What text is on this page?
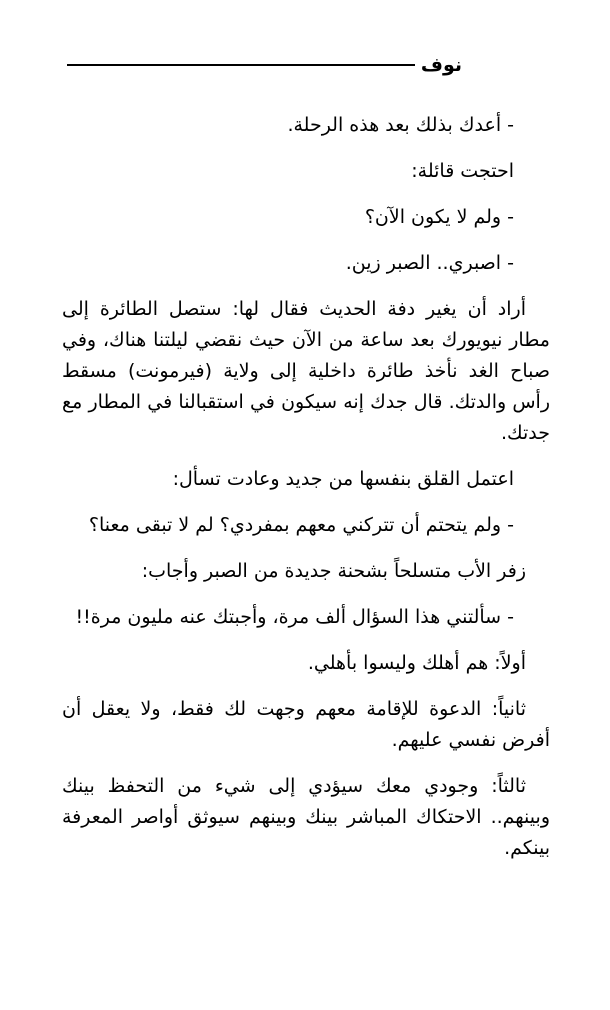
نوف

- أعدك بذلك بعد هذه الرحلة.

احتجت قائلة:

- ولم لا يكون الآن؟

- اصبري.. الصبر زين.

أراد أن يغير دفة الحديث فقال لها: ستصل الطائرة إلى مطار نيويورك بعد ساعة من الآن حيث نقضي ليلتنا هناك، وفي صباح الغد نأخذ طائرة داخلية إلى ولاية (فيرمونت) مسقط رأس والدتك. قال جدك إنه سيكون في استقبالنا في المطار مع جدتك.

اعتمل القلق بنفسها من جديد وعادت تسأل:

- ولم يتحتم أن تتركني معهم بمفردي؟ لم لا تبقى معنا؟

زفر الأب متسلحاً بشحنة جديدة من الصبر وأجاب:

- سألتني هذا السؤال ألف مرة، وأجبتك عنه مليون مرة!!

أولاً: هم أهلك وليسوا بأهلي.

ثانياً: الدعوة للإقامة معهم وجهت لك فقط، ولا يعقل أن أفرض نفسي عليهم.

ثالثاً: وجودي معك سيؤدي إلى شيء من التحفظ بينك وبينهم.. الاحتكاك المباشر بينك وبينهم سيوثق أواصر المعرفة بينكم.
